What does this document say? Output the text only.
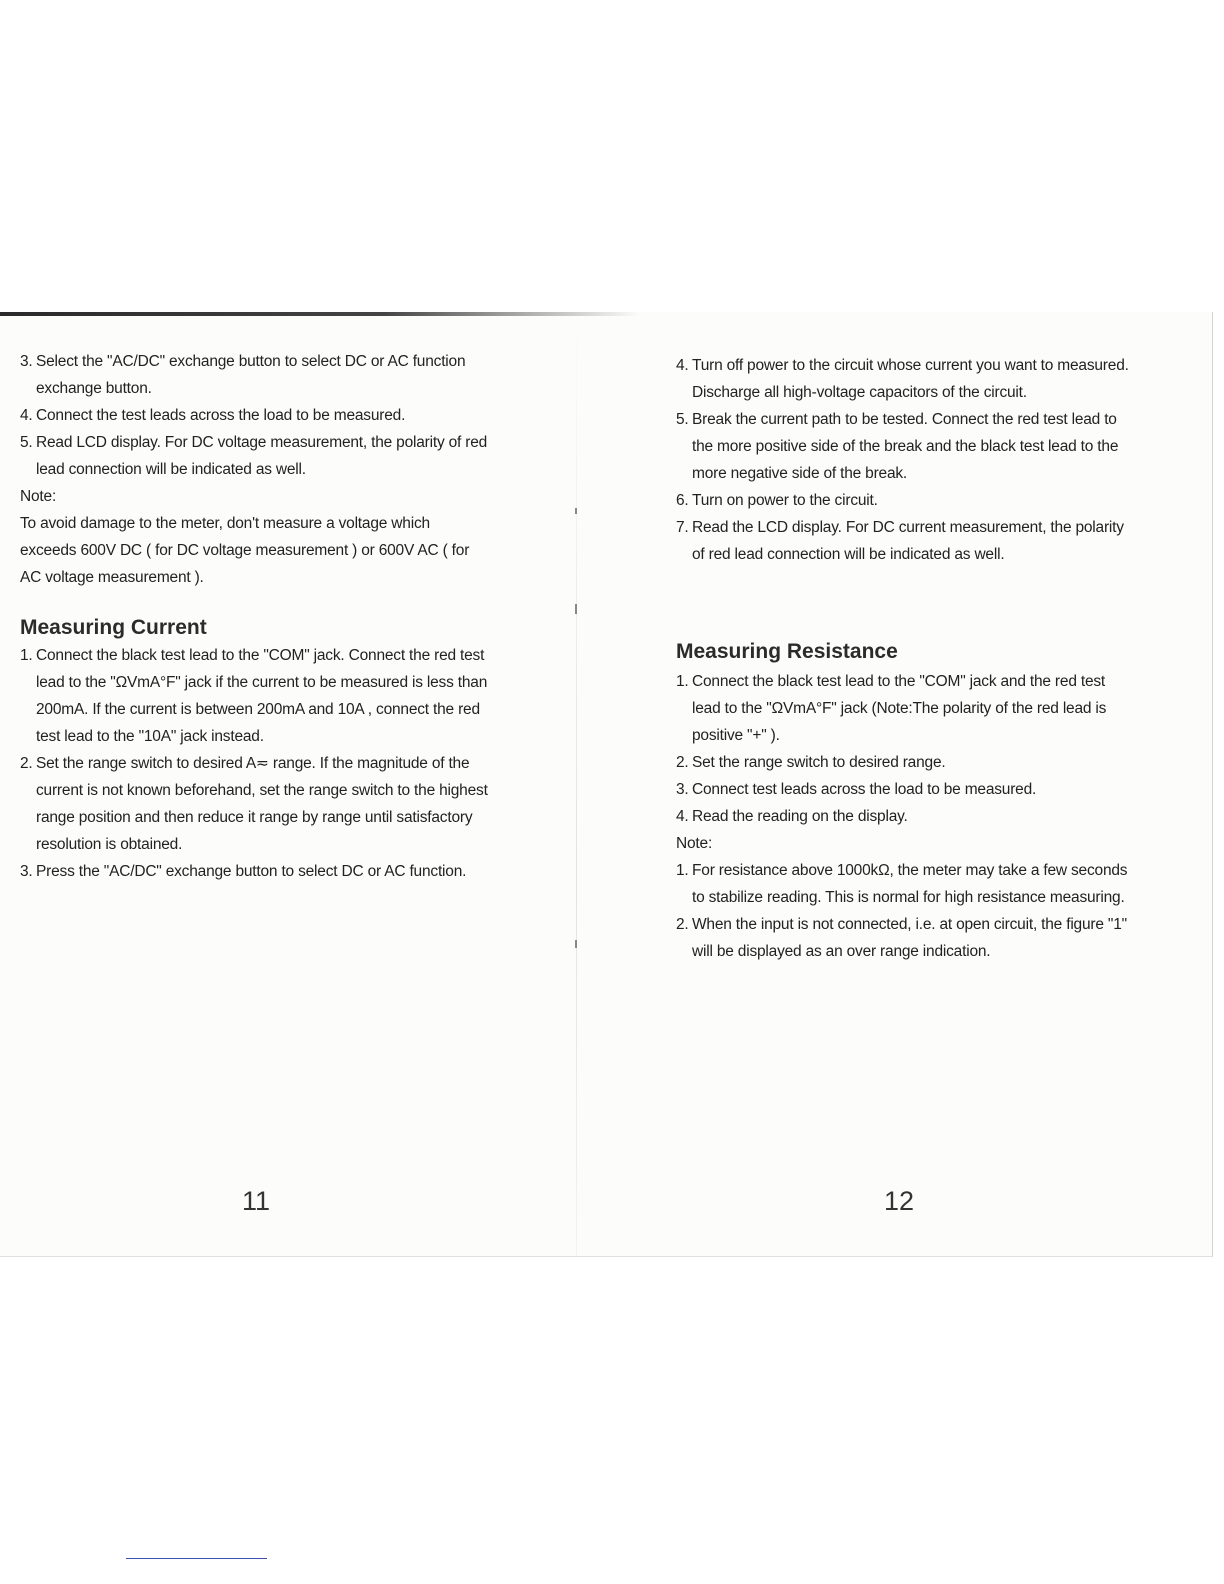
3. Select the "AC/DC" exchange button to select DC or AC function exchange button.
4. Connect the test leads across the load to be measured.
5. Read LCD display. For DC voltage measurement, the polarity of red lead connection will be indicated as well.

Note:

To avoid damage to the meter, don't measure a voltage which exceeds 600V DC ( for DC voltage measurement ) or 600V AC ( for AC voltage measurement ).

Measuring Current
1. Connect the black test lead to the "COM" jack. Connect the red test lead to the "ΩVmA°F" jack if the current to be measured is less than 200mA. If the current is between 200mA and 10A , connect the red test lead to the "10A" jack instead.
2. Set the range switch to desired A≂ range. If the magnitude of the current is not known beforehand, set the range switch to the highest range position and then reduce it range by range until satisfactory resolution is obtained.
3. Press the "AC/DC" exchange button to select DC or AC function.
4. Turn off power to the circuit whose current you want to measured. Discharge all high-voltage capacitors of the circuit.
5. Break the current path to be tested. Connect the red test lead to the more positive side of the break and the black test lead to the more negative side of the break.
6. Turn on power to the circuit.
7. Read the LCD display. For DC current measurement, the polarity of red lead connection will be indicated as well.
Measuring Resistance
1. Connect the black test lead to the "COM" jack and the red test lead to the "ΩVmA°F" jack (Note:The polarity of the red lead is positive "+" ).
2. Set the range switch to desired range.
3. Connect test leads across the load to be measured.
4. Read the reading on the display.

Note:

1. For resistance above 1000kΩ, the meter may take a few seconds to stabilize reading. This is normal for high resistance measuring.
2. When the input is not connected, i.e. at open circuit, the figure "1" will be displayed as an over range indication.
11	12
